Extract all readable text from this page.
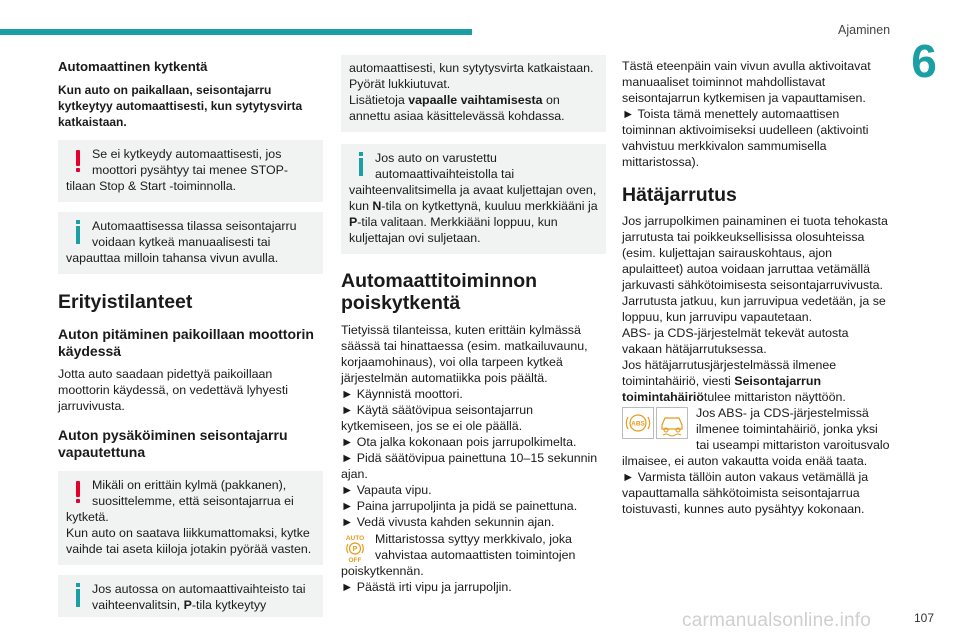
Ajaminen
6
Automaattinen kytkentä

Kun auto on paikallaan, seisontajarru kytkeytyy automaattisesti, kun sytytysvirta katkaistaan.

Se ei kytkeydy automaattisesti, jos moottori pysähtyy tai menee STOP-tilaan Stop & Start -toiminnolla.
Automaattisessa tilassa seisontajarru voidaan kytkeä manuaalisesti tai vapauttaa milloin tahansa vivun avulla.
Erityistilanteet
Auton pitäminen paikoillaan moottorin käydessä

Jotta auto saadaan pidettyä paikoillaan moottorin käydessä, on vedettävä lyhyesti jarruvivusta.

Auton pysäköiminen seisontajarru vapautettuna
Mikäli on erittäin kylmä (pakkanen), suosittelemme, että seisontajarrua ei kytketä.
Kun auto on saatava liikkumattomaksi, kytke vaihde tai aseta kiiloja jotakin pyörää vasten.
Jos autossa on automaattivaihteisto tai vaihteenvalitsin, P-tila kytkeytyy
automaattisesti, kun sytytysvirta katkaistaan. Pyörät lukkiutuvat.
Lisätietoja vapaalle vaihtamisesta on annettu asiaa käsittelevässä kohdassa.
Jos auto on varustettu automaattivaihteistolla tai vaihteenvalitsimella ja avaat kuljettajan oven, kun N-tila on kytkettynä, kuuluu merkkiääni ja P-tila valitaan. Merkkiääni loppuu, kun kuljettajan ovi suljetaan.
Automaattitoiminnon poiskytkentä

Tietyissä tilanteissa, kuten erittäin kylmässä säässä tai hinattaessa (esim. matkailuvaunu, korjaamohinaus), voi olla tarpeen kytkeä järjestelmän automatiikka pois päältä.

► Käynnistä moottori.

► Käytä säätövipua seisontajarrun kytkemiseen, jos se ei ole päällä.

► Ota jalka kokonaan pois jarrupolkimelta.

► Pidä säätövipua painettuna 10–15 sekunnin ajan.

► Vapauta vipu.

► Paina jarrupoljinta ja pidä se painettuna.

► Vedä vivusta kahden sekunnin ajan.

AUTO
P
OFF

Mittaristossa syttyy merkkivalo, joka vahvistaa automaattisten toimintojen poiskytkennän.

► Päästä irti vipu ja jarrupoljin.

Tästä eteenpäin vain vivun avulla aktivoitavat manuaaliset toiminnot mahdollistavat seisontajarrun kytkemisen ja vapauttamisen.

► Toista tämä menettely automaattisen toiminnan aktivoimiseksi uudelleen (aktivointi vahvistuu merkkivalon sammumisella mittaristossa).

Hätäjarrutus

Jos jarrupolkimen painaminen ei tuota tehokasta jarrutusta tai poikkeuksellisissa olosuhteissa (esim. kuljettajan sairauskohtaus, ajon apulaitteet) autoa voidaan jarruttaa vetämällä jarkuvasti sähkötoimisesta seisontajarruvivusta. Jarrutusta jatkuu, kun jarruvipua vedetään, ja se loppuu, kun jarruvipu vapautetaan.

ABS- ja CDS-järjestelmät tekevät autosta vakaan hätäjarrutuksessa.

Jos hätäjarrutusjärjestelmässä ilmenee toimintahäiriö, viesti Seisontajarrun toimintahäiriötulee mittariston näyttöön.

ABS

Jos ABS- ja CDS-järjestelmissä ilmenee toimintahäiriö, jonka yksi tai useampi mittariston varoitusvalo ilmaisee, ei auton vakautta voida enää taata.

► Varmista tällöin auton vakaus vetämällä ja vapauttamalla sähkötoimista seisontajarrua toistuvasti, kunnes auto pysähtyy kokonaan.

carmanualsonline.info	107
